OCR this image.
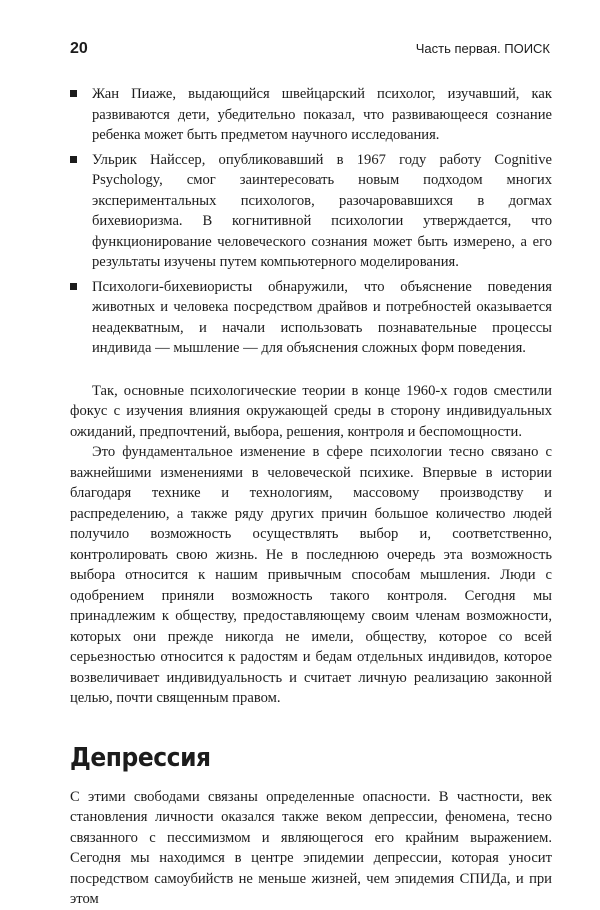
20	Часть первая. ПОИСК
Жан Пиаже, выдающийся швейцарский психолог, изучавший, как развиваются дети, убедительно показал, что развивающееся сознание ребенка может быть предметом научного исследования.
Ульрик Найссер, опубликовавший в 1967 году работу Cognitive Psychology, смог заинтересовать новым подходом многих экспериментальных психологов, разочаровавшихся в догмах бихевиоризма. В когнитивной психологии утверждается, что функционирование человеческого сознания может быть измерено, а его результаты изучены путем компьютерного моделирования.
Психологи-бихевиористы обнаружили, что объяснение поведения животных и человека посредством драйвов и потребностей оказывается неадекватным, и начали использовать познавательные процессы индивида — мышление — для объяснения сложных форм поведения.

Так, основные психологические теории в конце 1960-х годов сместили фокус с изучения влияния окружающей среды в сторону индивидуальных ожиданий, предпочтений, выбора, решения, контроля и беспомощности.

Это фундаментальное изменение в сфере психологии тесно связано с важнейшими изменениями в человеческой психике. Впервые в истории благодаря технике и технологиям, массовому производству и распределению, а также ряду других причин большое количество людей получило возможность осуществлять выбор и, соответственно, контролировать свою жизнь. Не в последнюю очередь эта возможность выбора относится к нашим привычным способам мышления. Люди с одобрением приняли возможность такого контроля. Сегодня мы принадлежим к обществу, предоставляющему своим членам возможности, которых они прежде никогда не имели, обществу, которое со всей серьезностью относится к радостям и бедам отдельных индивидов, которое возвеличивает индивидуальность и считает личную реализацию законной целью, почти священным правом.

Депрессия

С этими свободами связаны определенные опасности. В частности, век становления личности оказался также веком депрессии, феномена, тесно связанного с пессимизмом и являющегося его крайним выражением. Сегодня мы находимся в центре эпидемии депрессии, которая уносит посредством самоубийств не меньше жизней, чем эпидемия СПИДа, и при этом
